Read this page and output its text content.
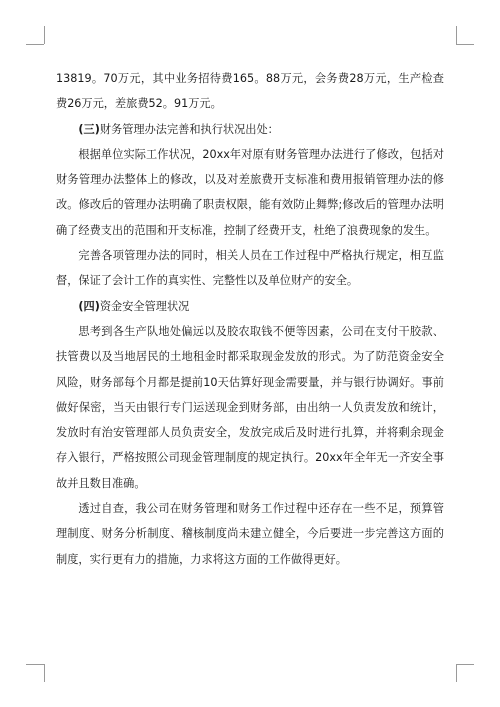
13819。70万元，其中业务招待费165。88万元，会务费28万元，生产检查费26万元，差旅费52。91万元。

(三)财务管理办法完善和执行状况出处：

根据单位实际工作状况，20xx年对原有财务管理办法进行了修改，包括对财务管理办法整体上的修改，以及对差旅费开支标准和费用报销管理办法的修改。修改后的管理办法明确了职责权限，能有效防止舞弊;修改后的管理办法明确了经费支出的范围和开支标准，控制了经费开支，杜绝了浪费现象的发生。

完善各项管理办法的同时，相关人员在工作过程中严格执行规定，相互监督，保证了会计工作的真实性、完整性以及单位财产的安全。

(四)资金安全管理状况

思考到各生产队地处偏远以及胶农取钱不便等因素，公司在支付干胶款、扶管费以及当地居民的土地租金时都采取现金发放的形式。为了防范资金安全风险，财务部每个月都是提前10天估算好现金需要量，并与银行协调好。事前做好保密，当天由银行专门运送现金到财务部，由出纳一人负责发放和统计，发放时有治安管理部人员负责安全，发放完成后及时进行扎算，并将剩余现金存入银行，严格按照公司现金管理制度的规定执行。20xx年全年无一齐安全事故并且数目准确。

透过自查，我公司在财务管理和财务工作过程中还存在一些不足，预算管理制度、财务分析制度、稽核制度尚未建立健全，今后要进一步完善这方面的制度，实行更有力的措施，力求将这方面的工作做得更好。
